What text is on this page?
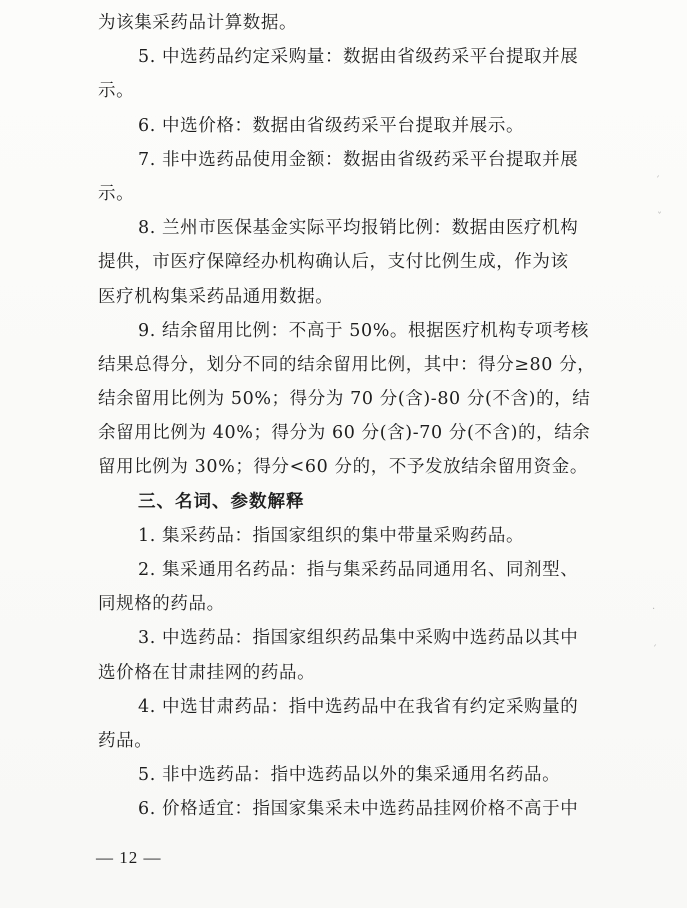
为该集采药品计算数据。
5. 中选药品约定采购量：数据由省级药采平台提取并展
示。
6. 中选价格：数据由省级药采平台提取并展示。
7. 非中选药品使用金额：数据由省级药采平台提取并展
示。
8. 兰州市医保基金实际平均报销比例：数据由医疗机构
提供，市医疗保障经办机构确认后，支付比例生成，作为该
医疗机构集采药品通用数据。
9. 结余留用比例：不高于 50%。根据医疗机构专项考核
结果总得分，划分不同的结余留用比例，其中：得分≥80 分，
结余留用比例为 50%；得分为 70 分(含)-80 分(不含)的，结
余留用比例为 40%；得分为 60 分(含)-70 分(不含)的，结余
留用比例为 30%；得分<60 分的，不予发放结余留用资金。
三、名词、参数解释
1. 集采药品：指国家组织的集中带量采购药品。
2. 集采通用名药品：指与集采药品同通用名、同剂型、
同规格的药品。
3. 中选药品：指国家组织药品集中采购中选药品以其中
选价格在甘肃挂网的药品。
4. 中选甘肃药品：指中选药品中在我省有约定采购量的
药品。
5. 非中选药品：指中选药品以外的集采通用名药品。
6. 价格适宜：指国家集采未中选药品挂网价格不高于中
— 12 —
ˊ
ˇ
·
ˊ
